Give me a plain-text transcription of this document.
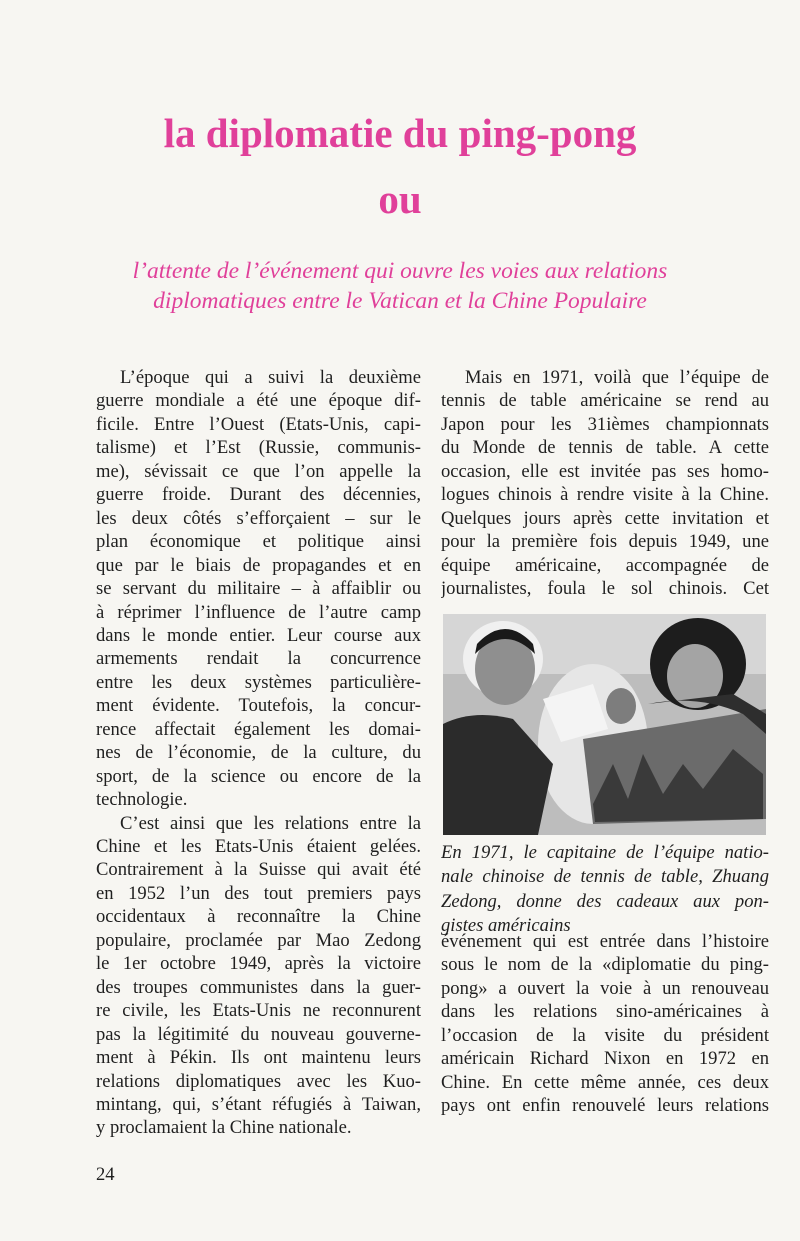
la diplomatie du ping-pong
ou
l’attente de l’événement qui ouvre les voies aux relations
diplomatiques entre le Vatican et la Chine Populaire
L’époque qui a suivi la deuxième
guerre mondiale a été une époque dif-
ficile. Entre l’Ouest (Etats-Unis, capi-
talisme) et l’Est (Russie, communis-
me), sévissait ce que l’on appelle la
guerre froide. Durant des décennies,
les deux côtés s’efforçaient – sur le
plan économique et politique ainsi
que par le biais de propagandes et en
se servant du militaire – à affaiblir ou
à réprimer l’influence de l’autre camp
dans le monde entier. Leur course aux
armements rendait la concurrence
entre les deux systèmes particulière-
ment évidente. Toutefois, la concur-
rence affectait également les domai-
nes de l’économie, de la culture, du
sport, de la science ou encore de la
technologie.
C’est ainsi que les relations entre la
Chine et les Etats-Unis étaient gelées.
Contrairement à la Suisse qui avait été
en 1952 l’un des tout premiers pays
occidentaux à reconnaître la Chine
populaire, proclamée par Mao Zedong
le 1er octobre 1949, après la victoire
des troupes communistes dans la guer-
re civile, les Etats-Unis ne reconnurent
pas la légitimité du nouveau gouverne-
ment à Pékin. Ils ont maintenu leurs
relations diplomatiques avec les Kuo-
mintang, qui, s’étant réfugiés à Taiwan,
y proclamaient la Chine nationale.
Mais en 1971, voilà que l’équipe de
tennis de table américaine se rend au
Japon pour les 31ièmes championnats
du Monde de tennis de table. A cette
occasion, elle est invitée pas ses homo-
logues chinois à rendre visite à la Chine.
Quelques jours après cette invitation et
pour la première fois depuis 1949, une
équipe américaine, accompagnée de
journalistes, foula le sol chinois. Cet
En 1971, le capitaine de l’équipe natio-
nale chinoise de tennis de table, Zhuang
Zedong, donne des cadeaux aux pon-
gistes américains
événement qui est entrée dans l’histoire
sous le nom de la «diplomatie du ping-
pong» a ouvert la voie à un renouveau
dans les relations sino-américaines à
l’occasion de la visite du président
américain Richard Nixon en 1972 en
Chine. En cette même année, ces deux
pays ont enfin renouvelé leurs relations
24
